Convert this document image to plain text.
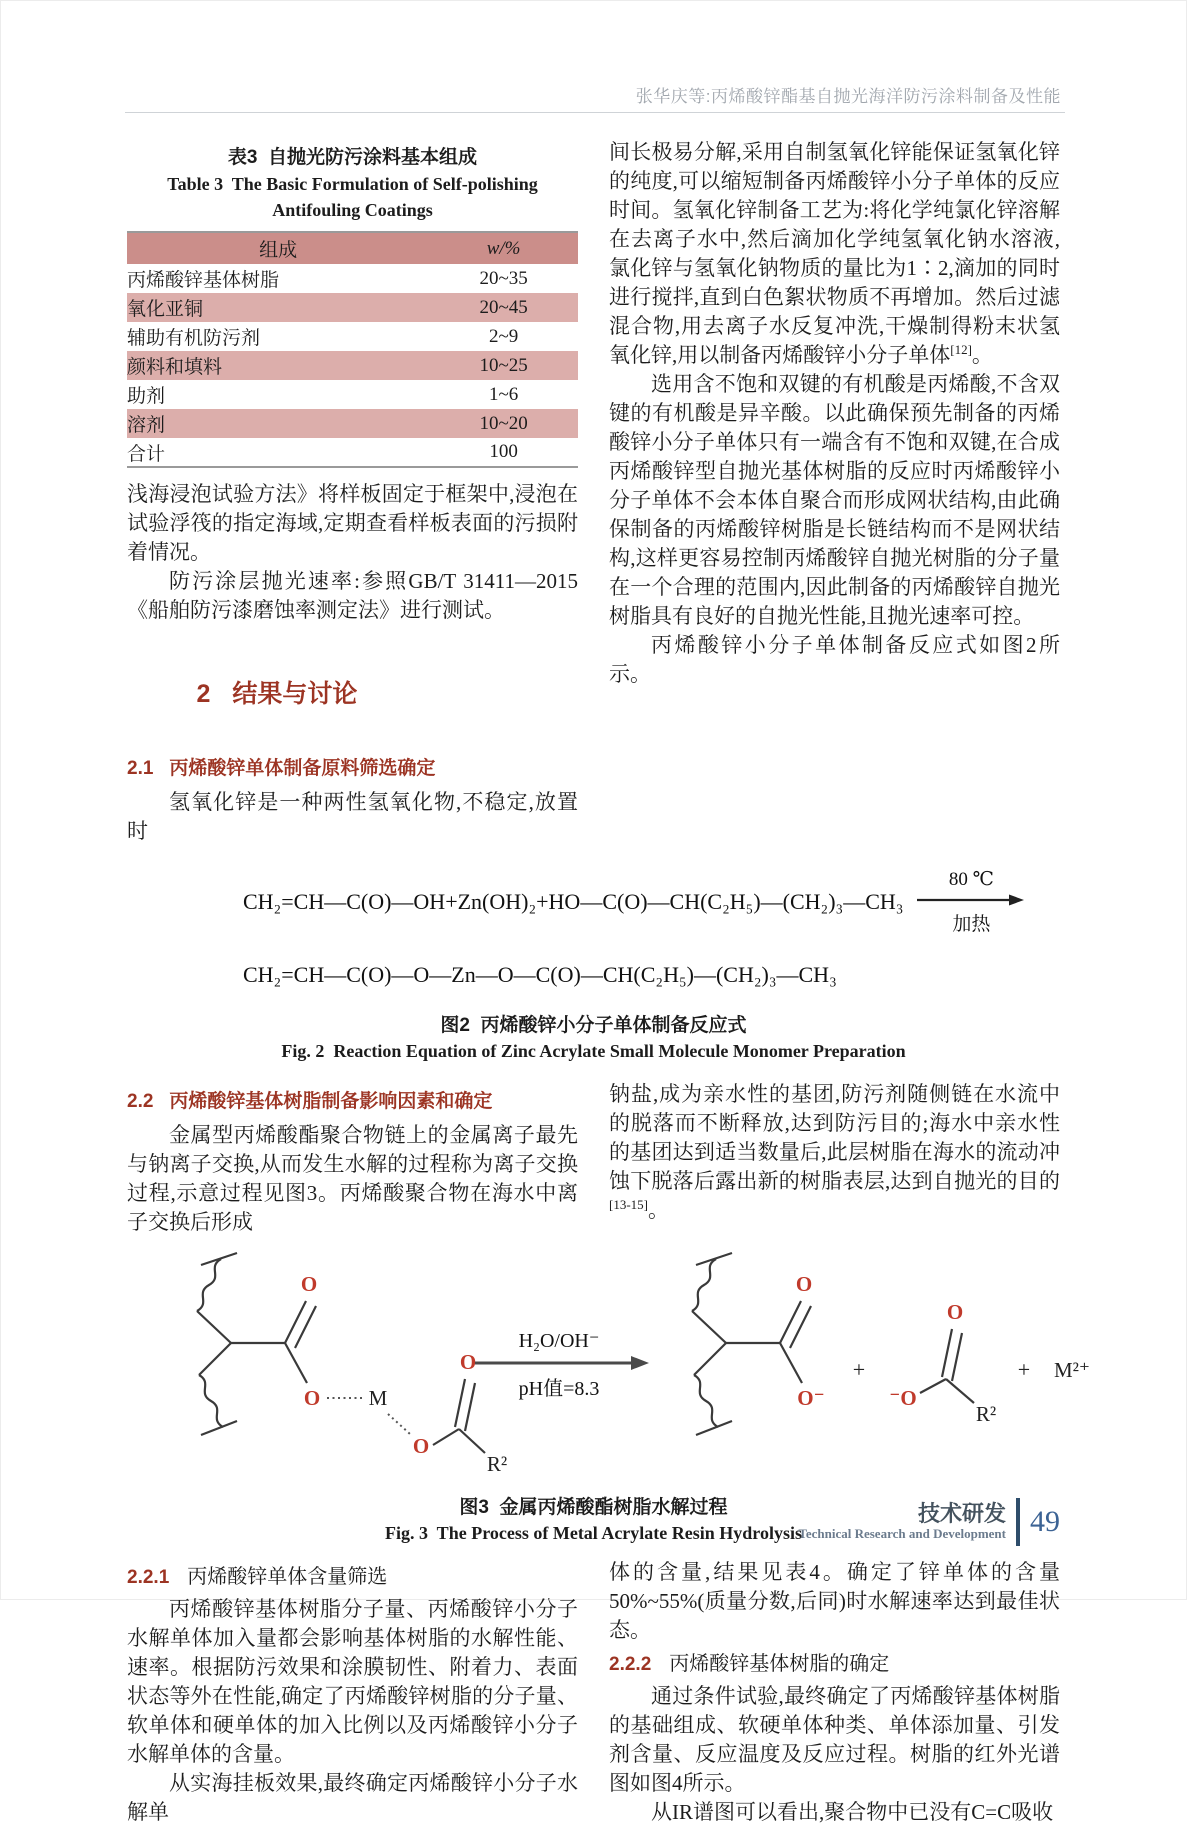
张华庆等:丙烯酸锌酯基自抛光海洋防污涂料制备及性能
表3  自抛光防污涂料基本组成
Table 3  The Basic Formulation of Self-polishing
Antifouling Coatings
组成	w/%
丙烯酸锌基体树脂	20~35
氧化亚铜	20~45
辅助有机防污剂	2~9
颜料和填料	10~25
助剂	1~6
溶剂	10~20
合计	100

浅海浸泡试验方法》将样板固定于框架中,浸泡在试验浮筏的指定海域,定期查看样板表面的污损附着情况。

防污涂层抛光速率:参照GB/T 31411—2015《船舶防污漆磨蚀率测定法》进行测试。

2 结果与讨论

2.1 丙烯酸锌单体制备原料筛选确定

氢氧化锌是一种两性氢氧化物,不稳定,放置时

间长极易分解,采用自制氢氧化锌能保证氢氧化锌的纯度,可以缩短制备丙烯酸锌小分子单体的反应时间。氢氧化锌制备工艺为:将化学纯氯化锌溶解在去离子水中,然后滴加化学纯氢氧化钠水溶液,氯化锌与氢氧化钠物质的量比为1∶2,滴加的同时进行搅拌,直到白色絮状物质不再增加。然后过滤混合物,用去离子水反复冲洗,干燥制得粉末状氢氧化锌,用以制备丙烯酸锌小分子单体[12]。

选用含不饱和双键的有机酸是丙烯酸,不含双键的有机酸是异辛酸。以此确保预先制备的丙烯酸锌小分子单体只有一端含有不饱和双键,在合成丙烯酸锌型自抛光基体树脂的反应时丙烯酸锌小分子单体不会本体自聚合而形成网状结构,由此确保制备的丙烯酸锌树脂是长链结构而不是网状结构,这样更容易控制丙烯酸锌自抛光树脂的分子量在一个合理的范围内,因此制备的丙烯酸锌自抛光树脂具有良好的自抛光性能,且抛光速率可控。

丙烯酸锌小分子单体制备反应式如图2所示。

CH₂=CH—C(O)—OH+Zn(OH)₂+HO—C(O)—CH(C₂H₅)—(CH₂)₃—CH₃
80 ℃
加热
CH₂=CH—C(O)—O—Zn—O—C(O)—CH(C₂H₅)—(CH₂)₃—CH₃
图2  丙烯酸锌小分子单体制备反应式
Fig. 2  Reaction Equation of Zinc Acrylate Small Molecule Monomer Preparation
2.2 丙烯酸锌基体树脂制备影响因素和确定

金属型丙烯酸酯聚合物链上的金属离子最先与钠离子交换,从而发生水解的过程称为离子交换过程,示意过程见图3。丙烯酸聚合物在海水中离子交换后形成

钠盐,成为亲水性的基团,防污剂随侧链在水流中的脱落而不断释放,达到防污目的;海水中亲水性的基团达到适当数量后,此层树脂在海水的流动冲蚀下脱落后露出新的树脂表层,达到自抛光的目的[13-15]。

O
O M
O
O
R²
H₂O/OH⁻
pH值=8.3
O
O⁻
+
⁻O
O
R²
+ M²⁺
图3  金属丙烯酸酯树脂水解过程
Fig. 3  The Process of Metal Acrylate Resin Hydrolysis
2.2.1 丙烯酸锌单体含量筛选

丙烯酸锌基体树脂分子量、丙烯酸锌小分子水解单体加入量都会影响基体树脂的水解性能、速率。根据防污效果和涂膜韧性、附着力、表面状态等外在性能,确定了丙烯酸锌树脂的分子量、软单体和硬单体的加入比例以及丙烯酸锌小分子水解单体的含量。

从实海挂板效果,最终确定丙烯酸锌小分子水解单

体的含量,结果见表4。确定了锌单体的含量50%~55%(质量分数,后同)时水解速率达到最佳状态。

2.2.2 丙烯酸锌基体树脂的确定

通过条件试验,最终确定了丙烯酸锌基体树脂的基础组成、软硬单体种类、单体添加量、引发剂含量、反应温度及反应过程。树脂的红外光谱图如图4所示。

从IR谱图可以看出,聚合物中已没有C=C吸收

技术研发
Technical Research and Development 49
